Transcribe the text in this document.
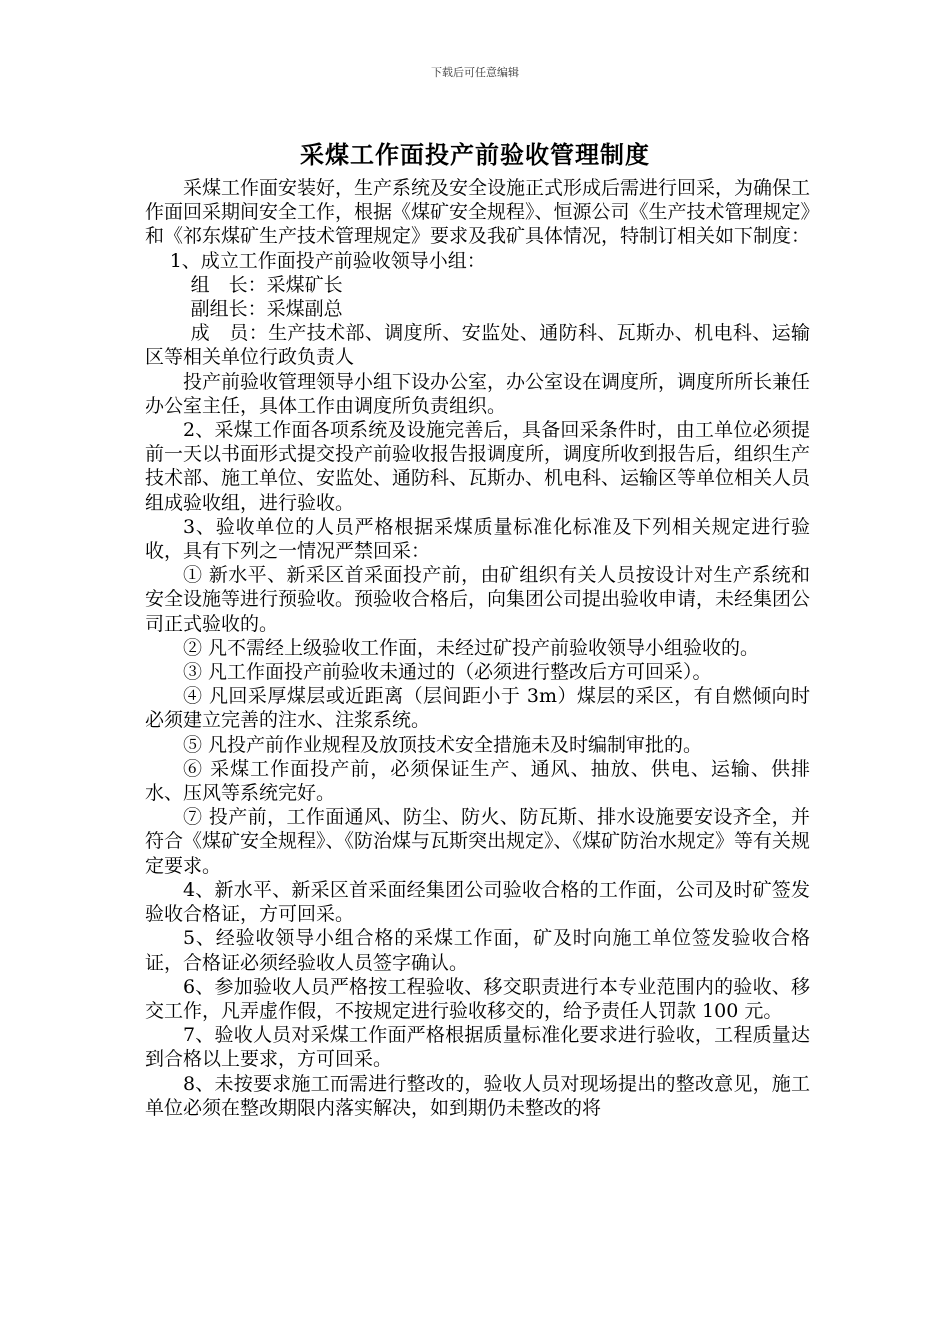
下载后可任意编辑
采煤工作面投产前验收管理制度

采煤工作面安装好，生产系统及安全设施正式形成后需进行回采，为确保工作面回采期间安全工作，根据《煤矿安全规程》、恒源公司《生产技术管理规定》和《祁东煤矿生产技术管理规定》要求及我矿具体情况，特制订相关如下制度：

1、成立工作面投产前验收领导小组：

组　长：采煤矿长

副组长：采煤副总

成　员：生产技术部、调度所、安监处、通防科、瓦斯办、机电科、运输区等相关单位行政负责人

投产前验收管理领导小组下设办公室，办公室设在调度所，调度所所长兼任办公室主任，具体工作由调度所负责组织。

2、采煤工作面各项系统及设施完善后，具备回采条件时，由工单位必须提前一天以书面形式提交投产前验收报告报调度所，调度所收到报告后，组织生产技术部、施工单位、安监处、通防科、瓦斯办、机电科、运输区等单位相关人员组成验收组，进行验收。

3、验收单位的人员严格根据采煤质量标准化标准及下列相关规定进行验收，具有下列之一情况严禁回采：

① 新水平、新采区首采面投产前，由矿组织有关人员按设计对生产系统和安全设施等进行预验收。预验收合格后，向集团公司提出验收申请，未经集团公司正式验收的。

② 凡不需经上级验收工作面，未经过矿投产前验收领导小组验收的。

③ 凡工作面投产前验收未通过的（必须进行整改后方可回采）。

④ 凡回采厚煤层或近距离（层间距小于 3m）煤层的采区，有自燃倾向时必须建立完善的注水、注浆系统。

⑤ 凡投产前作业规程及放顶技术安全措施未及时编制审批的。

⑥ 采煤工作面投产前，必须保证生产、通风、抽放、供电、运输、供排水、压风等系统完好。

⑦ 投产前，工作面通风、防尘、防火、防瓦斯、排水设施要安设齐全，并符合《煤矿安全规程》、《防治煤与瓦斯突出规定》、《煤矿防治水规定》等有关规定要求。

4、新水平、新采区首采面经集团公司验收合格的工作面，公司及时矿签发验收合格证，方可回采。

5、经验收领导小组合格的采煤工作面，矿及时向施工单位签发验收合格证，合格证必须经验收人员签字确认。

6、参加验收人员严格按工程验收、移交职责进行本专业范围内的验收、移交工作，凡弄虚作假，不按规定进行验收移交的，给予责任人罚款 100 元。

7、验收人员对采煤工作面严格根据质量标准化要求进行验收，工程质量达到合格以上要求，方可回采。

8、未按要求施工而需进行整改的，验收人员对现场提出的整改意见，施工单位必须在整改期限内落实解决，如到期仍未整改的将
